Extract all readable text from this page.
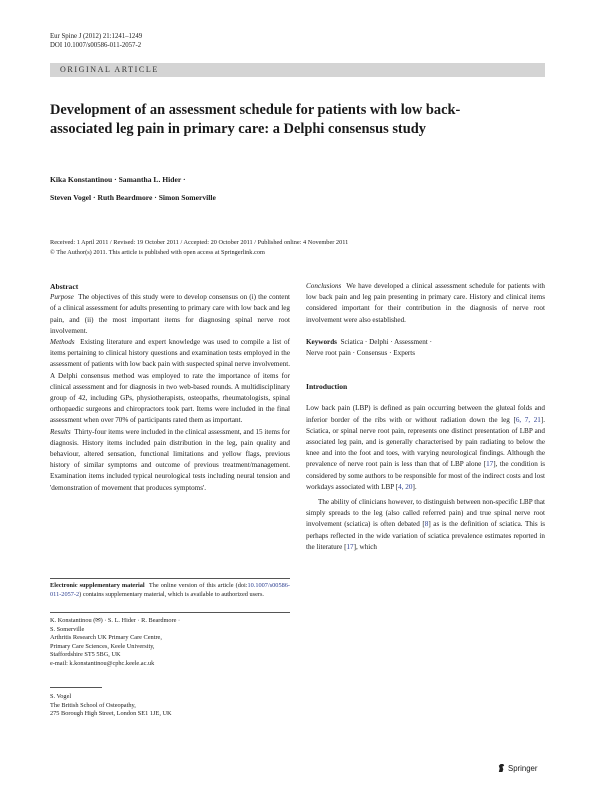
Eur Spine J (2012) 21:1241–1249
DOI 10.1007/s00586-011-2057-2
ORIGINAL ARTICLE
Development of an assessment schedule for patients with low back-associated leg pain in primary care: a Delphi consensus study
Kika Konstantinou · Samantha L. Hider ·
Steven Vogel · Ruth Beardmore · Simon Somerville
Received: 1 April 2011 / Revised: 19 October 2011 / Accepted: 20 October 2011 / Published online: 4 November 2011
© The Author(s) 2011. This article is published with open access at Springerlink.com

Abstract

Purpose The objectives of this study were to develop consensus on (i) the content of a clinical assessment for adults presenting to primary care with low back and leg pain, and (ii) the most important items for diagnosing spinal nerve root involvement.

Methods Existing literature and expert knowledge was used to compile a list of items pertaining to clinical history questions and examination tests employed in the assessment of patients with low back pain with suspected spinal nerve involvement. A Delphi consensus method was employed to rate the importance of items for clinical assessment and for diagnosis in two web-based rounds. A multidisciplinary group of 42, including GPs, physiotherapists, osteopaths, rheumatologists, spinal orthopaedic surgeons and chiropractors took part. Items were included in the final assessment when over 70% of participants rated them as important.

Results Thirty-four items were included in the clinical assessment, and 15 items for diagnosis. History items included pain distribution in the leg, pain quality and behaviour, altered sensation, functional limitations and yellow flags, previous history of similar symptoms and outcome of previous treatment/management. Examination items included typical neurological tests including neural tension and 'demonstration of movement that produces symptoms'.

Conclusions We have developed a clinical assessment schedule for patients with low back pain and leg pain presenting in primary care. History and clinical items considered important for their contribution in the diagnosis of nerve root involvement were also established.

Keywords Sciatica · Delphi · Assessment ·
Nerve root pain · Consensus · Experts

Introduction

Low back pain (LBP) is defined as pain occurring between the gluteal folds and inferior border of the ribs with or without radiation down the leg [6, 7, 21]. Sciatica, or spinal nerve root pain, represents one distinct presentation of LBP and associated leg pain, and is generally characterised by pain radiating to below the knee and into the foot and toes, with varying neurological findings. Although the prevalence of nerve root pain is less than that of LBP alone [17], the condition is considered by some authors to be responsible for most of the indirect costs and lost workdays associated with LBP [4, 20].

The ability of clinicians however, to distinguish between non-specific LBP that simply spreads to the leg (also called referred pain) and true spinal nerve root involvement (sciatica) is often debated [8] as is the definition of sciatica. This is perhaps reflected in the wide variation of sciatica prevalence estimates reported in the literature [17], which

Electronic supplementary material The online version of this article (doi:10.1007/s00586-011-2057-2) contains supplementary material, which is available to authorized users.
K. Konstantinou (✉) · S. L. Hider · R. Beardmore ·
S. Somerville
Arthritis Research UK Primary Care Centre,
Primary Care Sciences, Keele University,
Staffordshire ST5 5BG, UK
e-mail: k.konstantinou@cphc.keele.ac.uk
S. Vogel
The British School of Osteopathy,
275 Borough High Street, London SE1 1JE, UK
Springer
